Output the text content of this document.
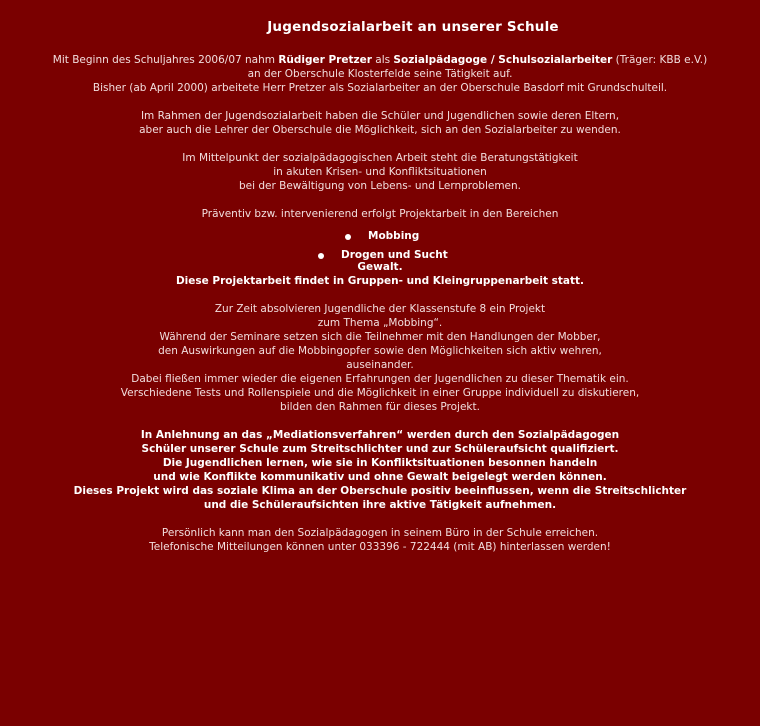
Jugendsozialarbeit an unserer Schule

Mit Beginn des Schuljahres 2006/07 nahm Rüdiger Pretzer als Sozialpädagoge / Schulsozialarbeiter (Träger: KBB e.V.)

an der Oberschule Klosterfelde seine Tätigkeit auf.

Bisher (ab April 2000) arbeitete Herr Pretzer als Sozialarbeiter an der Oberschule Basdorf mit Grundschulteil.

Im Rahmen der Jugendsozialarbeit haben die Schüler und Jugendlichen sowie deren Eltern,

aber auch die Lehrer der Oberschule die Möglichkeit, sich an den Sozialarbeiter zu wenden.

Im Mittelpunkt der sozialpädagogischen Arbeit steht die Beratungstätigkeit

in akuten Krisen- und Konfliktsituationen

bei der Bewältigung von Lebens- und Lernproblemen.

Präventiv bzw. intervenierend erfolgt Projektarbeit in den Bereichen

Mobbing
Drogen und Sucht

Gewalt.

Diese Projektarbeit findet in Gruppen- und Kleingruppenarbeit statt.

Zur Zeit absolvieren Jugendliche der Klassenstufe 8 ein Projekt

zum Thema „Mobbing“.

Während der Seminare setzen sich die Teilnehmer mit den Handlungen der Mobber,

den Auswirkungen auf die Mobbingopfer sowie den Möglichkeiten sich aktiv wehren,

auseinander.

Dabei fließen immer wieder die eigenen Erfahrungen der Jugendlichen zu dieser Thematik ein.

Verschiedene Tests und Rollenspiele und die Möglichkeit in einer Gruppe individuell zu diskutieren,

bilden den Rahmen für dieses Projekt.

In Anlehnung an das „Mediationsverfahren“ werden durch den Sozialpädagogen

Schüler unserer Schule zum Streitschlichter und zur Schüleraufsicht qualifiziert.

Die Jugendlichen lernen, wie sie in Konfliktsituationen besonnen handeln

und wie Konflikte kommunikativ und ohne Gewalt beigelegt werden können.

Dieses Projekt wird das soziale Klima an der Oberschule positiv beeinflussen, wenn die Streitschlichter

und die Schüleraufsichten ihre aktive Tätigkeit aufnehmen.

Persönlich kann man den Sozialpädagogen in seinem Büro in der Schule erreichen.

Telefonische Mitteilungen können unter 033396 - 722444 (mit AB) hinterlassen werden!
